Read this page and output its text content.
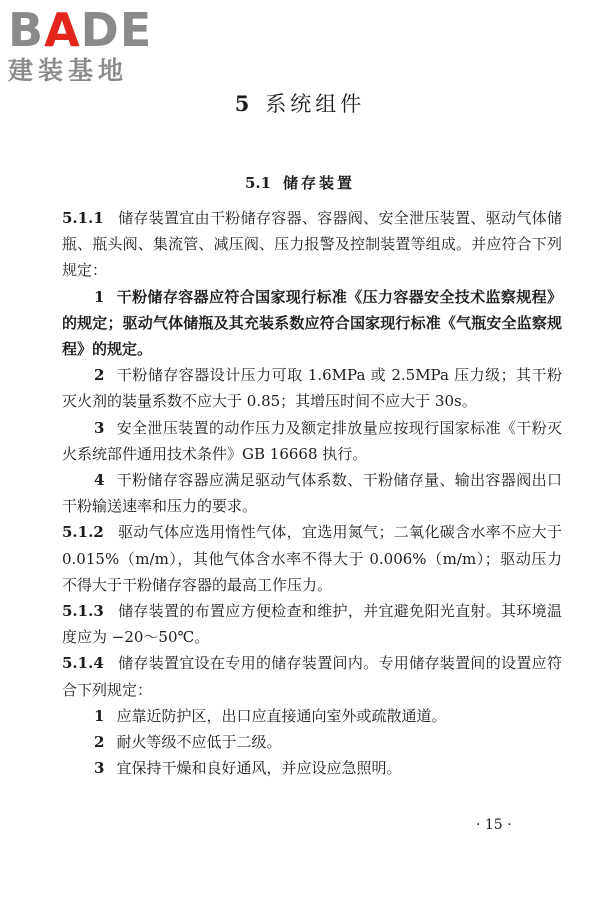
BADE
建装基地
5 系统组件
5.1 储存装置

5.1.1 储存装置宜由干粉储存容器、容器阀、安全泄压装置、驱动气体储瓶、瓶头阀、集流管、减压阀、压力报警及控制装置等组成。并应符合下列规定：

1 干粉储存容器应符合国家现行标准《压力容器安全技术监察规程》的规定；驱动气体储瓶及其充装系数应符合国家现行标准《气瓶安全监察规程》的规定。

2 干粉储存容器设计压力可取 1.6MPa 或 2.5MPa 压力级；其干粉灭火剂的装量系数不应大于 0.85；其增压时间不应大于 30s。

3 安全泄压装置的动作压力及额定排放量应按现行国家标准《干粉灭火系统部件通用技术条件》GB 16668 执行。

4 干粉储存容器应满足驱动气体系数、干粉储存量、输出容器阀出口干粉输送速率和压力的要求。

5.1.2 驱动气体应选用惰性气体，宜选用氮气；二氧化碳含水率不应大于 0.015%（m/m），其他气体含水率不得大于 0.006%（m/m）；驱动压力不得大于干粉储存容器的最高工作压力。

5.1.3 储存装置的布置应方便检查和维护，并宜避免阳光直射。其环境温度应为 −20～50℃。

5.1.4 储存装置宜设在专用的储存装置间内。专用储存装置间的设置应符合下列规定：

1 应靠近防护区，出口应直接通向室外或疏散通道。

2 耐火等级不应低于二级。

3 宜保持干燥和良好通风，并应设应急照明。

· 15 ·
